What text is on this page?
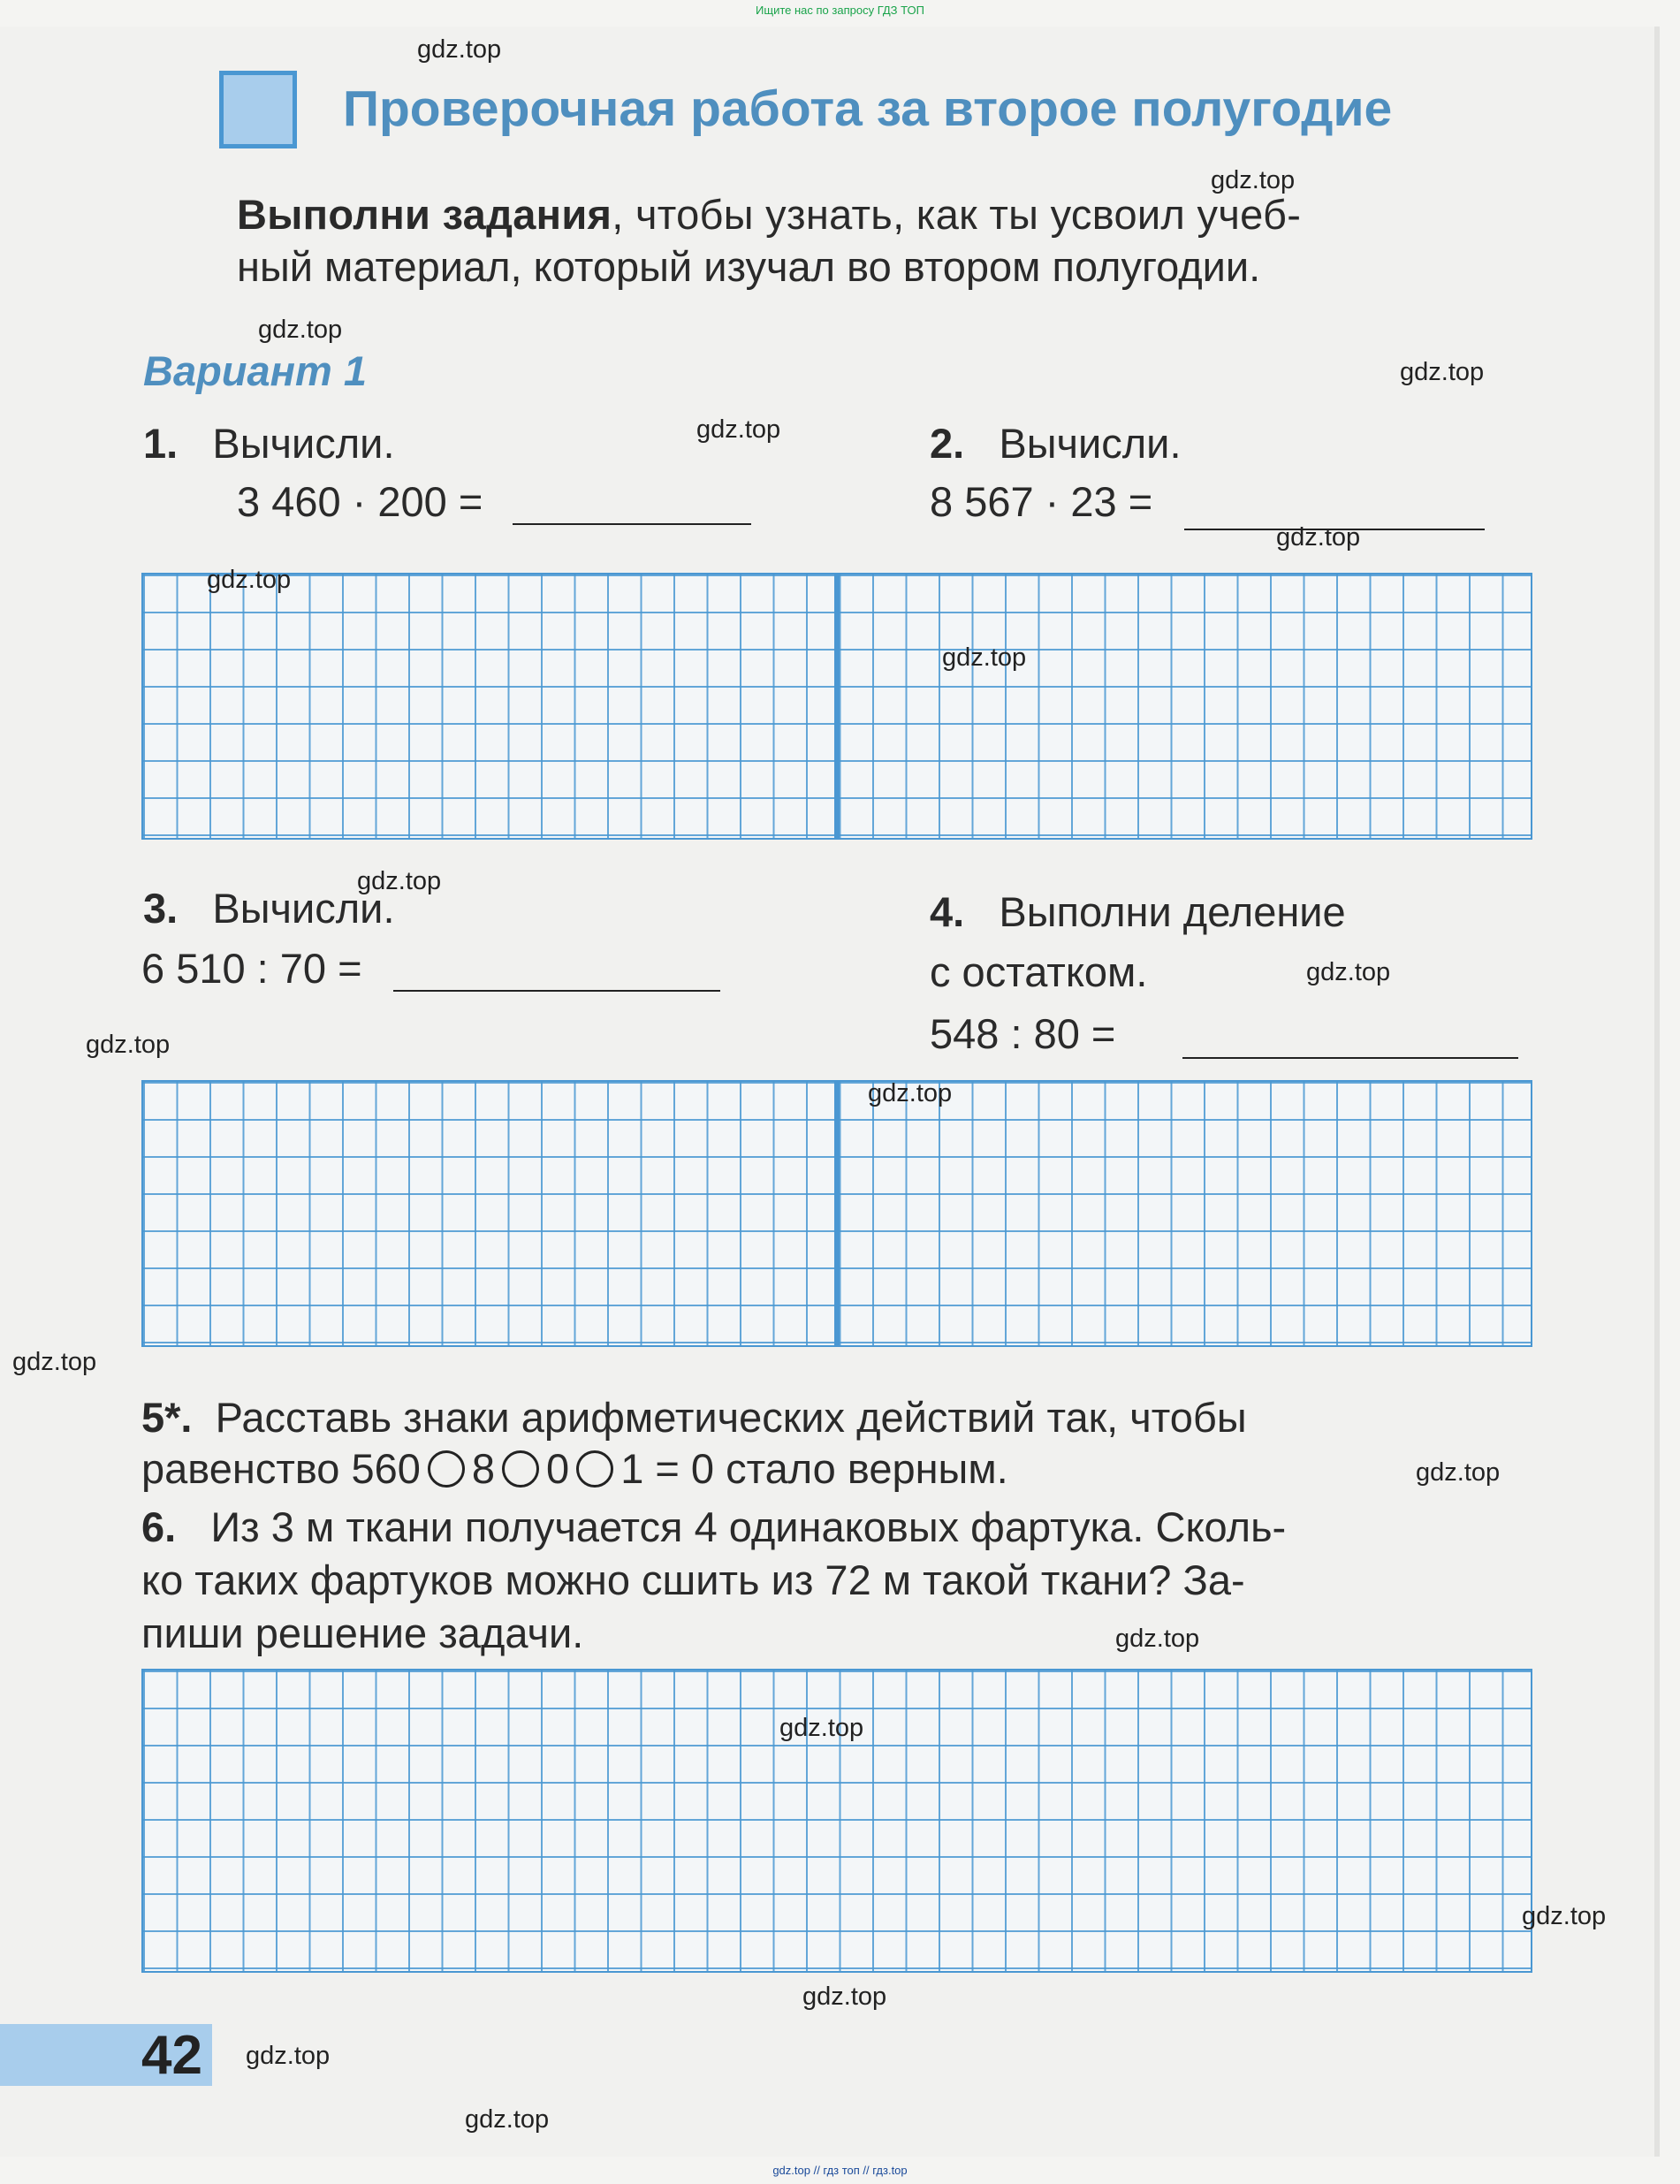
Ищите нас по запросу ГДЗ ТОП
Проверочная работа за второе полугодие
Выполни задания, чтобы узнать, как ты усвоил учеб-
ный материал, который изучал во втором полугодии.
Вариант 1
1. Вычисли.
3 460 · 200 =
2. Вычисли.
8 567 · 23 =
3. Вычисли.
6 510 : 70 =
4. Выполни деление
с остатком.
548 : 80 =
5*. Расставь знаки арифметических действий так, чтобы
равенство 560 8 0 1 = 0 стало верным.
6. Из 3 м ткани получается 4 одинаковых фартука. Сколь-
ко таких фартуков можно сшить из 72 м такой ткани? За-
пиши решение задачи.
42
gdz.top
gdz.top
gdz.top
gdz.top
gdz.top
gdz.top
gdz.top
gdz.top
gdz.top
gdz.top
gdz.top
gdz.top
gdz.top
gdz.top
gdz.top
gdz.top
gdz.top
gdz.top
gdz.top
gdz.top
gdz.top // гдз топ // гдз.top
